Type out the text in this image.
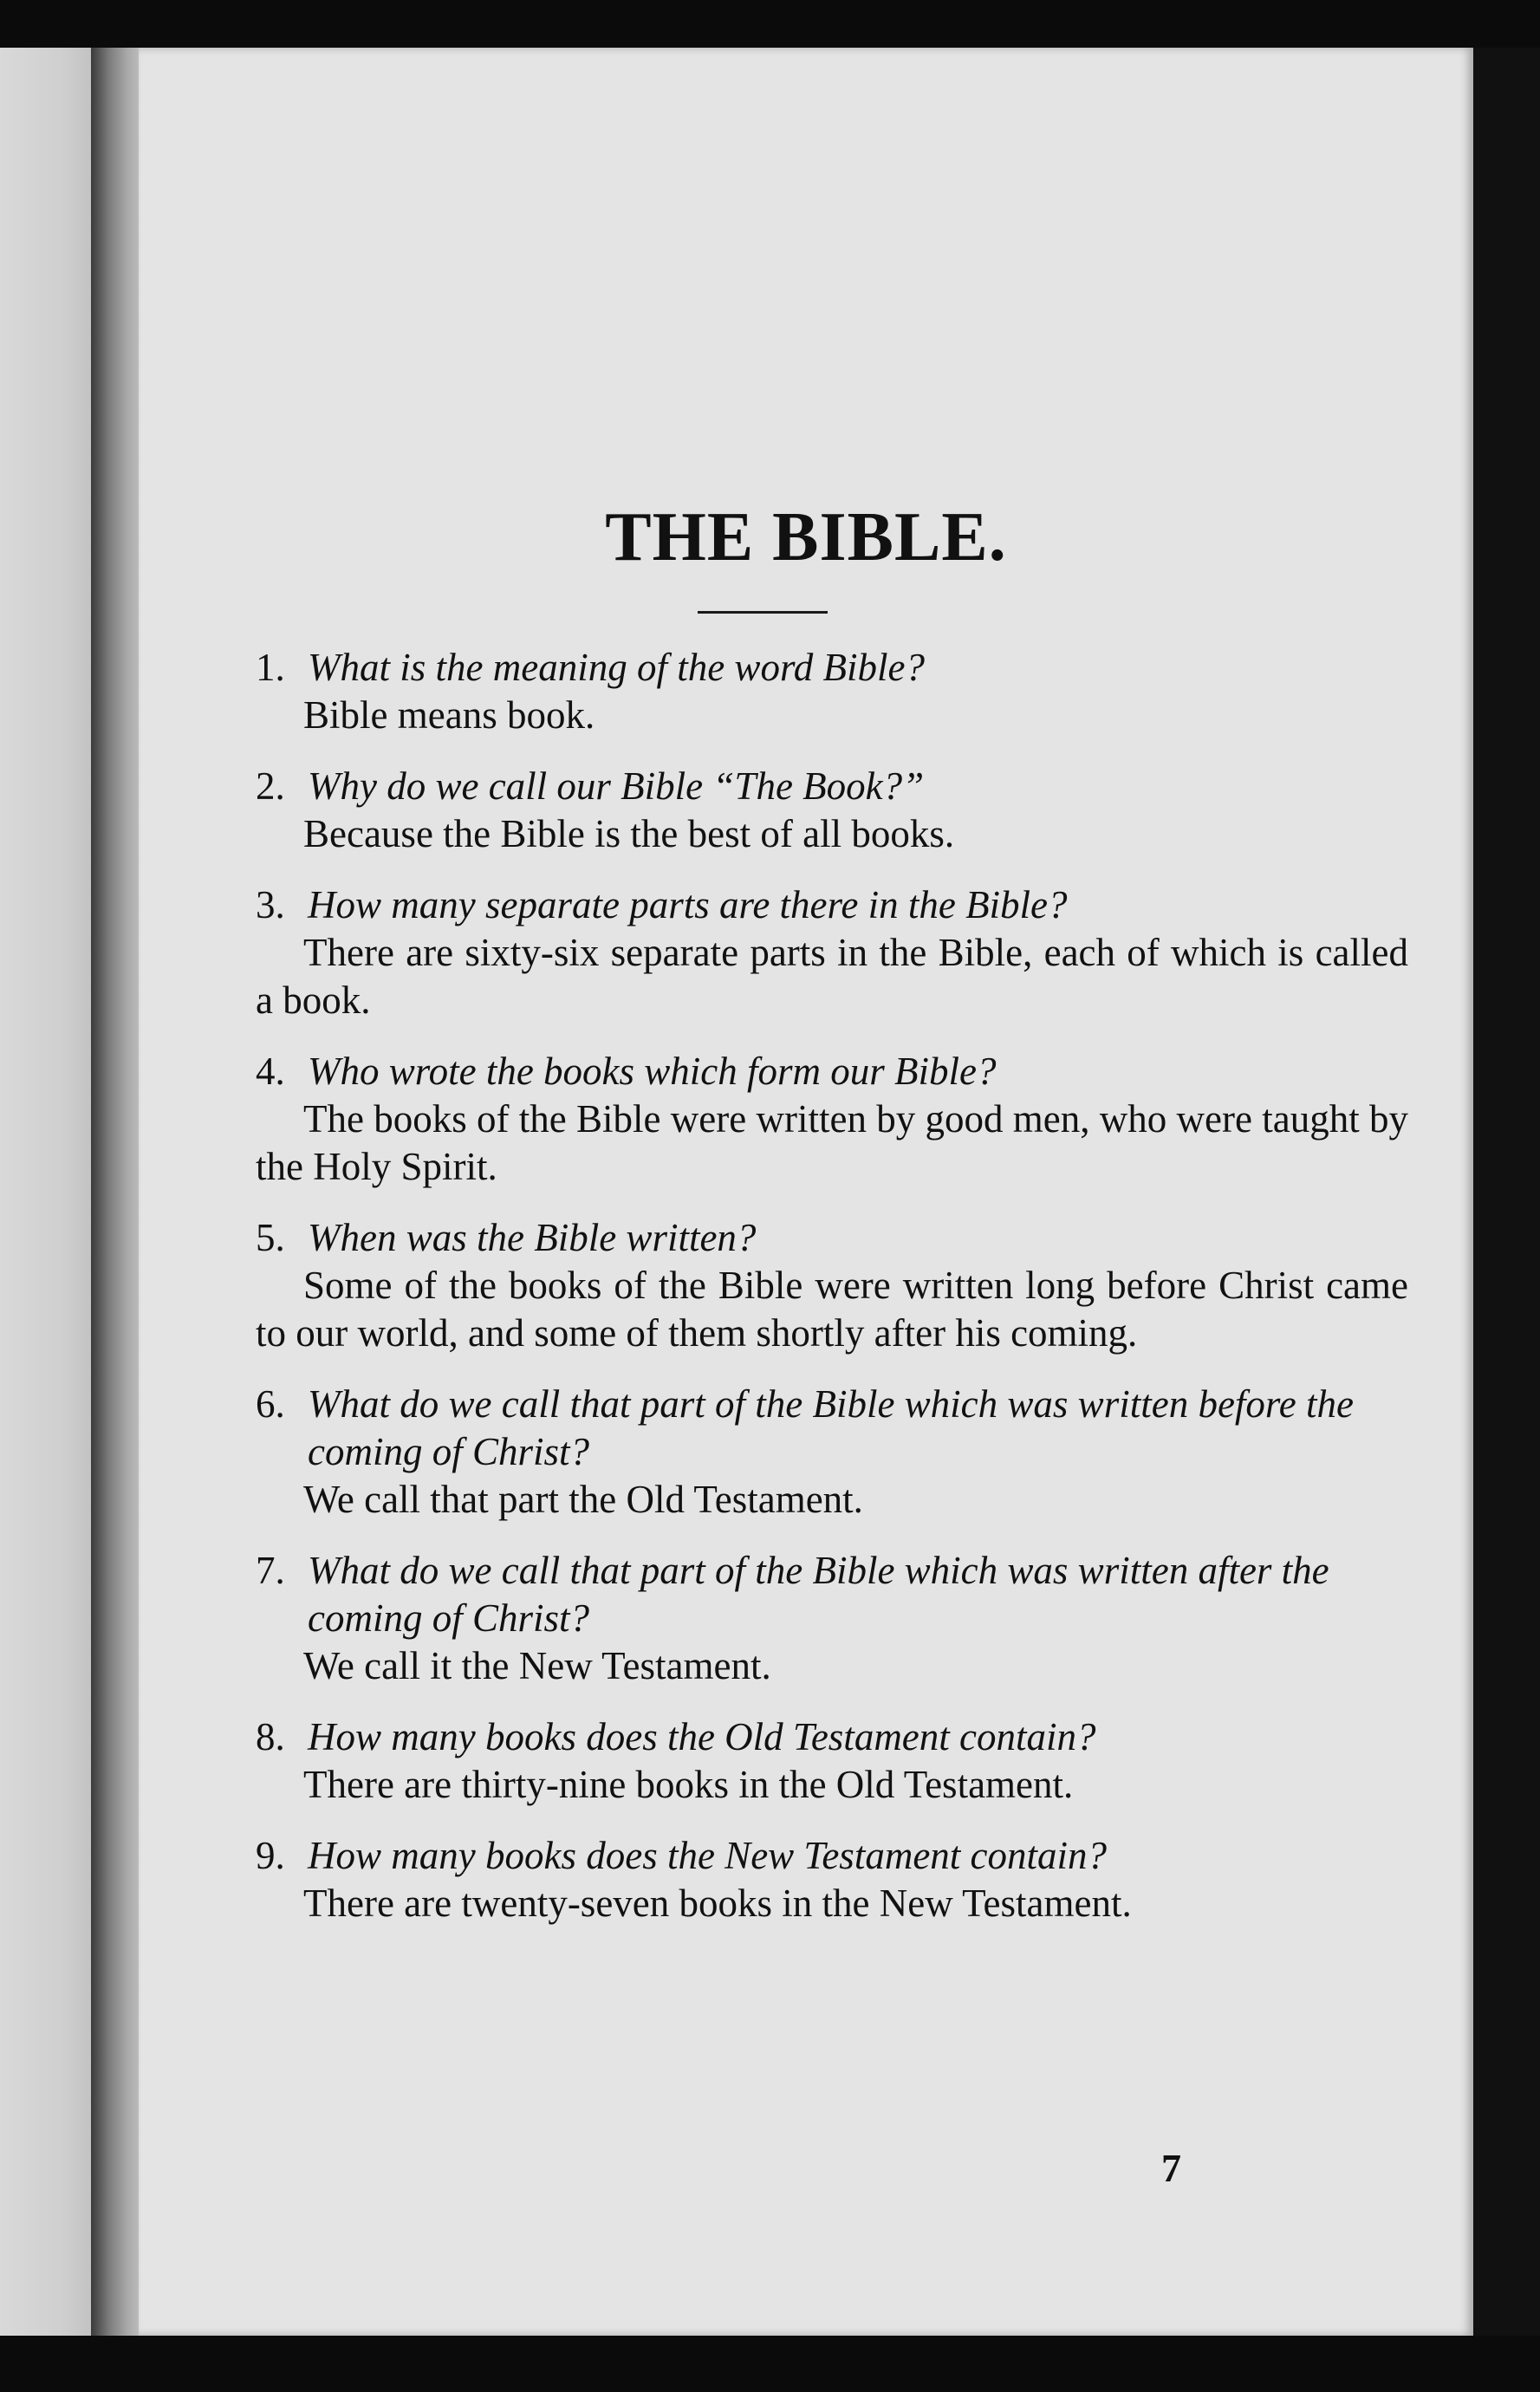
THE BIBLE.
1. What is the meaning of the word Bible?
Bible means book.
2. Why do we call our Bible “The Book?”
Because the Bible is the best of all books.
3. How many separate parts are there in the Bible?
There are sixty-six separate parts in the Bible, each of which is called a book.
4. Who wrote the books which form our Bible?
The books of the Bible were written by good men, who were taught by the Holy Spirit.
5. When was the Bible written?
Some of the books of the Bible were written long before Christ came to our world, and some of them shortly after his coming.
6. What do we call that part of the Bible which was written before the coming of Christ?
We call that part the Old Testament.
7. What do we call that part of the Bible which was written after the coming of Christ?
We call it the New Testament.
8. How many books does the Old Testament contain?
There are thirty-nine books in the Old Testament.
9. How many books does the New Testament contain?
There are twenty-seven books in the New Testament.
7
